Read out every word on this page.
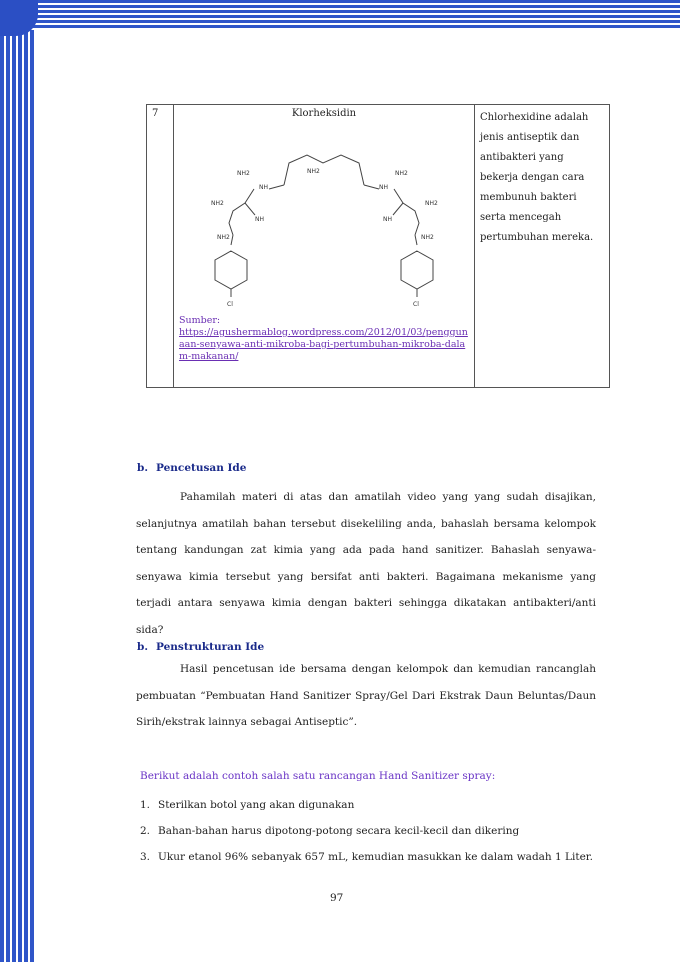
7	Klorheksidin
NH2
NH	NH
NH2	NH2
NH2	NH2
NH	NH
NH2	NH2
Cl	Cl
Sumber:
https://agushermablog.wordpress.com/2012/01/03/penggunaan-senyawa-anti-mikroba-bagi-pertumbuhan-mikroba-dalam-makanan/
	Chlorhexidine adalah jenis antiseptik dan antibakteri yang bekerja dengan cara membunuh bakteri serta mencegah pertumbuhan mereka.
b. Pencetusan Ide
Pahamilah materi di atas dan amatilah video yang yang sudah disajikan, selanjutnya amatilah bahan tersebut disekeliling anda, bahaslah bersama kelompok tentang kandungan zat kimia yang ada pada hand sanitizer. Bahaslah senyawa-senyawa kimia tersebut yang bersifat anti bakteri. Bagaimana mekanisme yang terjadi antara senyawa kimia dengan bakteri sehingga dikatakan antibakteri/anti sida?
b. Penstrukturan Ide
Hasil pencetusan ide bersama dengan kelompok dan kemudian rancanglah pembuatan “Pembuatan Hand Sanitizer Spray/Gel Dari Ekstrak Daun Beluntas/Daun Sirih/ekstrak lainnya sebagai Antiseptic”.
Berikut adalah contoh salah satu rancangan Hand Sanitizer spray:
1. Sterilkan botol yang akan digunakan
2. Bahan-bahan harus dipotong-potong secara kecil-kecil dan dikering
3. Ukur etanol 96% sebanyak 657 mL, kemudian masukkan ke dalam wadah 1 Liter.
97
